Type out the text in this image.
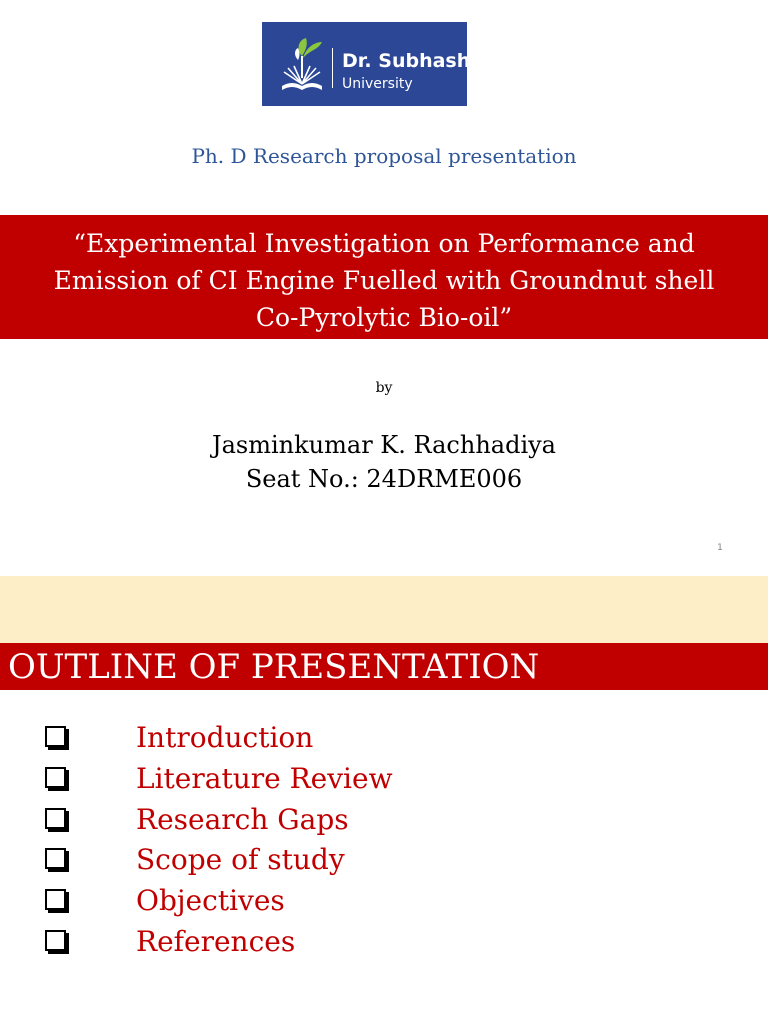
Dr. Subhash
University
Ph. D Research proposal presentation
“Experimental Investigation on Performance and
Emission of CI Engine Fuelled with Groundnut shell
Co-Pyrolytic Bio-oil”
by
Jasminkumar K. Rachhadiya
Seat No.: 24DRME006
1
OUTLINE OF PRESENTATION
Introduction
Literature Review
Research Gaps
Scope of study
Objectives
References
